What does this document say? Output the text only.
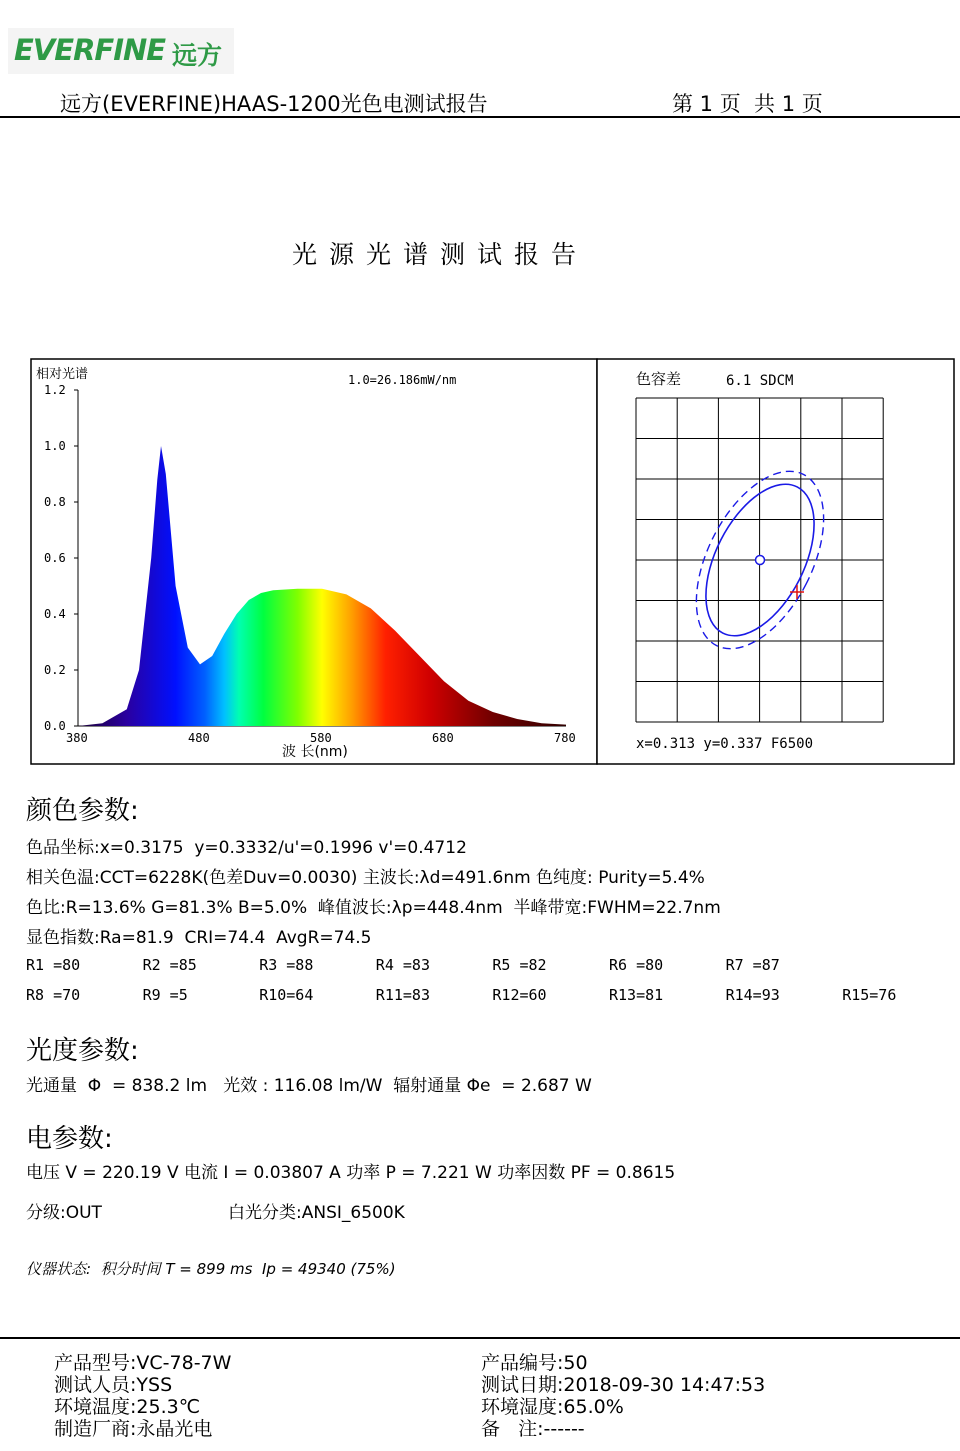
EVERFINE 远方
远方(EVERFINE)HAAS-1200光色电测试报告	第 1 页  共 1 页
光源光谱测试报告
相对光谱	1.0=26.186mW/nm
1.2
1.0
0.8
0.6
0.4
0.2
0.0
380	480	580	680	780
波 长(nm)
色容差	6.1 SDCM
x=0.313 y=0.337 F6500
颜色参数:
色品坐标:x=0.3175  y=0.3332/u'=0.1996 v'=0.4712
相关色温:CCT=6228K(色差Duv=0.0030) 主波长:λd=491.6nm 色纯度: Purity=5.4%
色比:R=13.6% G=81.3% B=5.0%  峰值波长:λp=448.4nm  半峰带宽:FWHM=22.7nm
显色指数:Ra=81.9  CRI=74.4  AvgR=74.5
R1 =80	R2 =85	R3 =88	R4 =83	R5 =82	R6 =80	R7 =87
R8 =70	R9 =5	R10=64	R11=83	R12=60	R13=81	R14=93	R15=76
光度参数:
光通量  Φ  = 838.2 lm   光效 : 116.08 lm/W  辐射通量 Φe  = 2.687 W
电参数:
电压 V = 220.19 V 电流 I = 0.03807 A 功率 P = 7.221 W 功率因数 PF = 0.8615
分级:OUT	白光分类:ANSI_6500K
仪器状态:  积分时间 T = 899 ms  Ip = 49340 (75%)
产品型号:VC-78-7W	产品编号:50
测试人员:YSS	测试日期:2018-09-30 14:47:53
环境温度:25.3℃	环境湿度:65.0%
制造厂商:永晶光电	备   注:------
